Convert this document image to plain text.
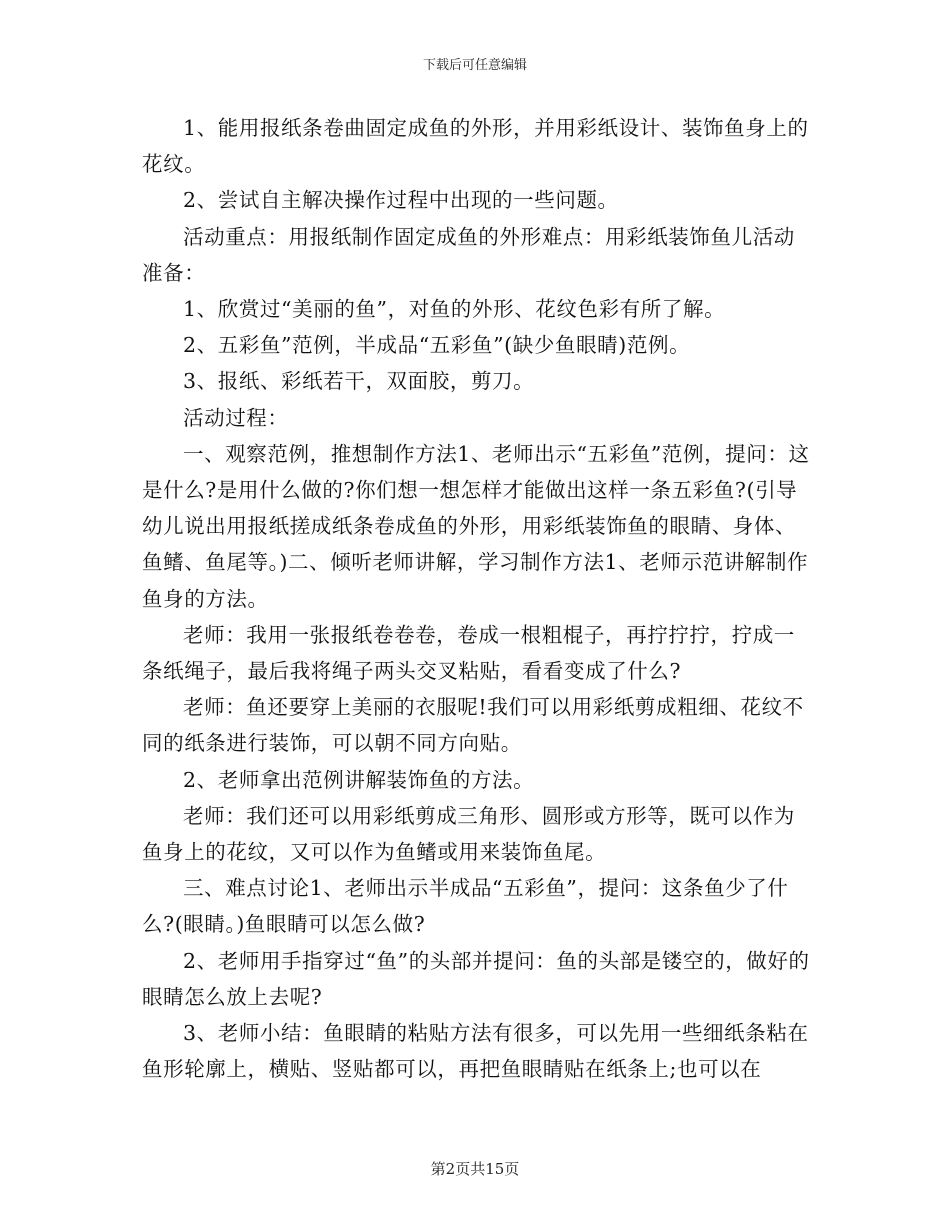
下载后可任意编辑

1、能用报纸条卷曲固定成鱼的外形，并用彩纸设计、装饰鱼身上的花纹。

2、尝试自主解决操作过程中出现的一些问题。

活动重点：用报纸制作固定成鱼的外形难点：用彩纸装饰鱼儿活动准备：

1、欣赏过“美丽的鱼”，对鱼的外形、花纹色彩有所了解。

2、五彩鱼”范例，半成品“五彩鱼”(缺少鱼眼睛)范例。

3、报纸、彩纸若干，双面胶，剪刀。

活动过程：

一、观察范例，推想制作方法1、老师出示“五彩鱼”范例，提问：这是什么?是用什么做的?你们想一想怎样才能做出这样一条五彩鱼?(引导幼儿说出用报纸搓成纸条卷成鱼的外形，用彩纸装饰鱼的眼睛、身体、鱼鳍、鱼尾等。)二、倾听老师讲解，学习制作方法1、老师示范讲解制作鱼身的方法。

老师：我用一张报纸卷卷卷，卷成一根粗棍子，再拧拧拧，拧成一条纸绳子，最后我将绳子两头交叉粘贴，看看变成了什么?

老师：鱼还要穿上美丽的衣服呢!我们可以用彩纸剪成粗细、花纹不同的纸条进行装饰，可以朝不同方向贴。

2、老师拿出范例讲解装饰鱼的方法。

老师：我们还可以用彩纸剪成三角形、圆形或方形等，既可以作为鱼身上的花纹，又可以作为鱼鳍或用来装饰鱼尾。

三、难点讨论1、老师出示半成品“五彩鱼”，提问：这条鱼少了什么?(眼睛。)鱼眼睛可以怎么做?

2、老师用手指穿过“鱼”的头部并提问：鱼的头部是镂空的，做好的眼睛怎么放上去呢?

3、老师小结：鱼眼睛的粘贴方法有很多，可以先用一些细纸条粘在鱼形轮廓上，横贴、竖贴都可以，再把鱼眼睛贴在纸条上;也可以在

第2页共15页
